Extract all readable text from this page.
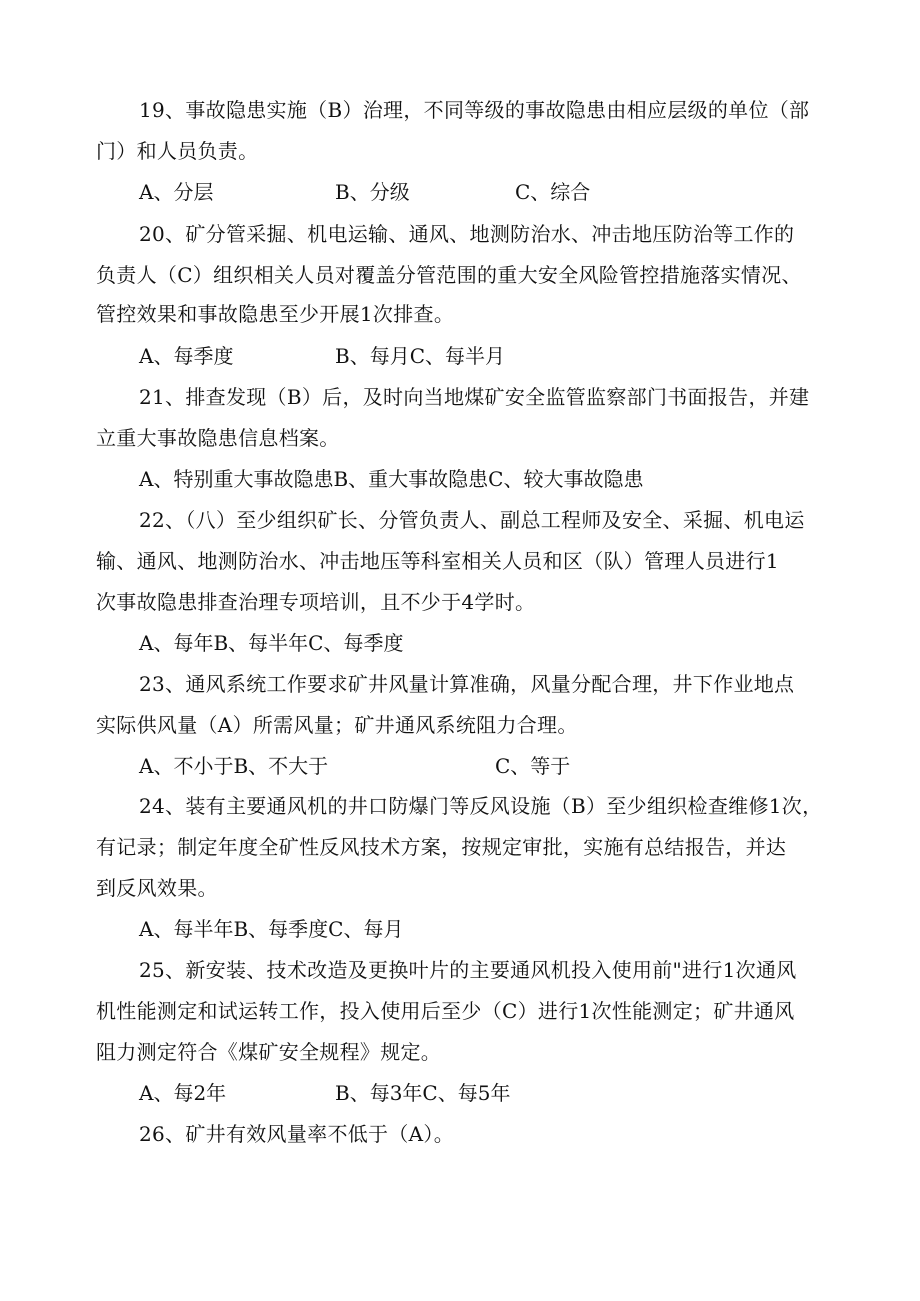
19、事故隐患实施（B）治理，不同等级的事故隐患由相应层级的单位（部
门）和人员负责。
A、分层	B、分级	C、综合
20、矿分管采掘、机电运输、通风、地测防治水、冲击地压防治等工作的
负责人（C）组织相关人员对覆盖分管范围的重大安全风险管控措施落实情况、
管控效果和事故隐患至少开展1次排查。
A、每季度	B、每月C、每半月
21、排查发现（B）后，及时向当地煤矿安全监管监察部门书面报告，并建
立重大事故隐患信息档案。
A、特别重大事故隐患B、重大事故隐患C、较大事故隐患
22、（八）至少组织矿长、分管负责人、副总工程师及安全、采掘、机电运
输、通风、地测防治水、冲击地压等科室相关人员和区（队）管理人员进行1
次事故隐患排查治理专项培训，且不少于4学时。
A、每年B、每半年C、每季度
23、通风系统工作要求矿井风量计算准确，风量分配合理，井下作业地点
实际供风量（A）所需风量；矿井通风系统阻力合理。
A、不小于B、不大于	C、等于
24、装有主要通风机的井口防爆门等反风设施（B）至少组织检查维修1次，
有记录；制定年度全矿性反风技术方案，按规定审批，实施有总结报告，并达
到反风效果。
A、每半年B、每季度C、每月
25、新安装、技术改造及更换叶片的主要通风机投入使用前"进行1次通风
机性能测定和试运转工作，投入使用后至少（C）进行1次性能测定；矿井通风
阻力测定符合《煤矿安全规程》规定。
A、每2年	B、每3年C、每5年
26、矿井有效风量率不低于（A）。
